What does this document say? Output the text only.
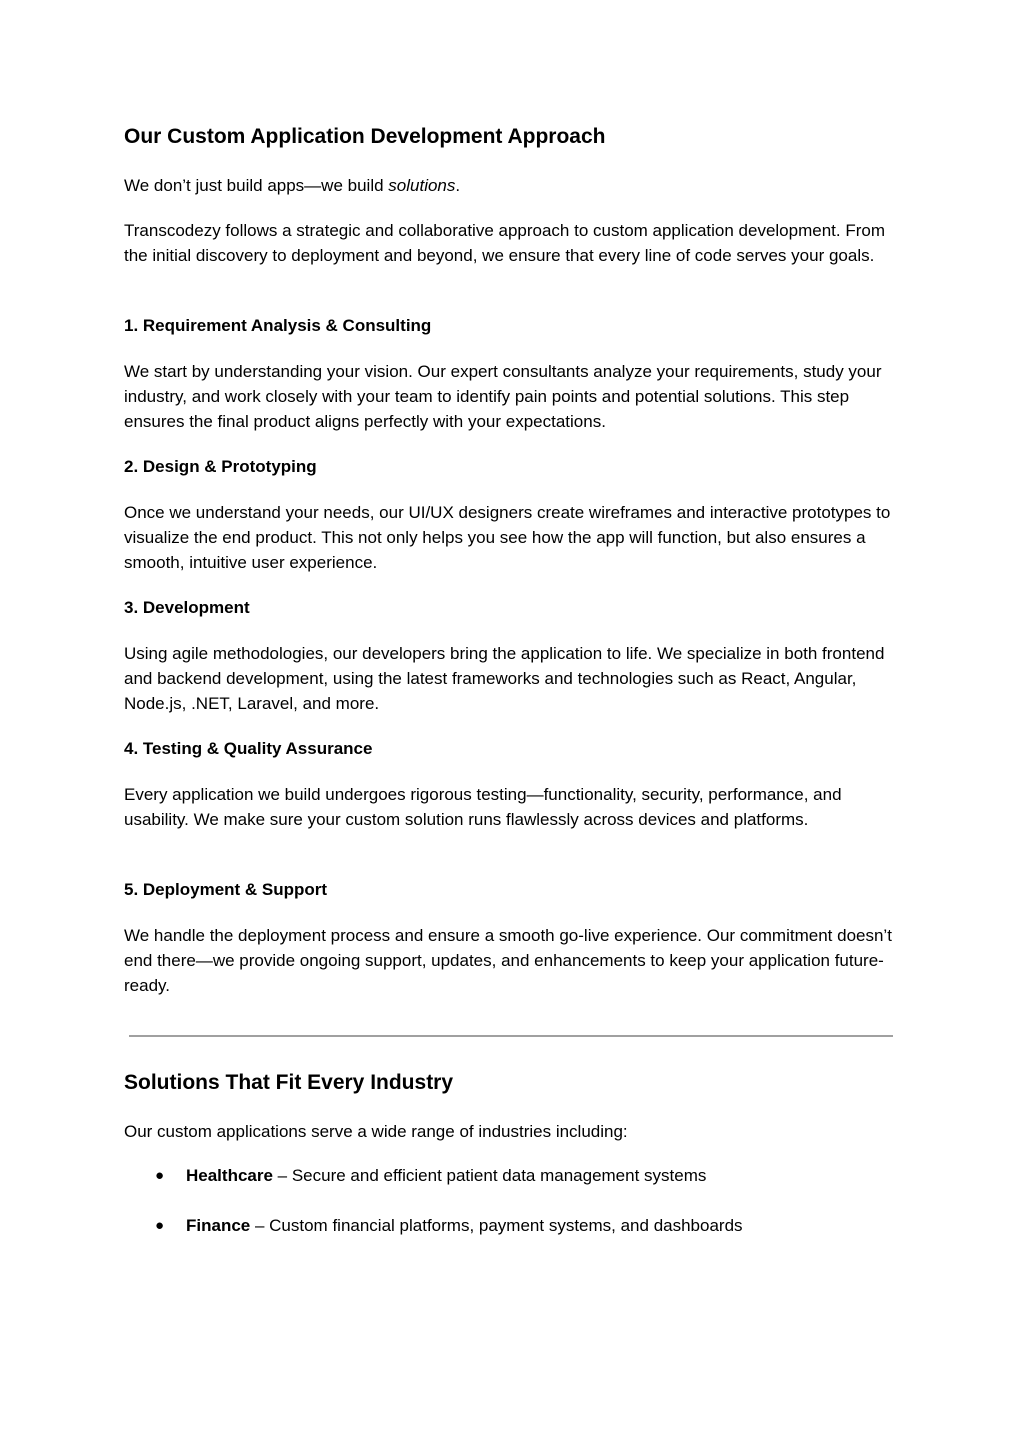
Our Custom Application Development Approach

We don’t just build apps—we build solutions.

Transcodezy follows a strategic and collaborative approach to custom application development. From the initial discovery to deployment and beyond, we ensure that every line of code serves your goals.

1. Requirement Analysis & Consulting

We start by understanding your vision. Our expert consultants analyze your requirements, study your industry, and work closely with your team to identify pain points and potential solutions. This step ensures the final product aligns perfectly with your expectations.

2. Design & Prototyping

Once we understand your needs, our UI/UX designers create wireframes and interactive prototypes to visualize the end product. This not only helps you see how the app will function, but also ensures a smooth, intuitive user experience.

3. Development

Using agile methodologies, our developers bring the application to life. We specialize in both frontend and backend development, using the latest frameworks and technologies such as React, Angular, Node.js, .NET, Laravel, and more.

4. Testing & Quality Assurance

Every application we build undergoes rigorous testing—functionality, security, performance, and usability. We make sure your custom solution runs flawlessly across devices and platforms.

5. Deployment & Support

We handle the deployment process and ensure a smooth go-live experience. Our commitment doesn’t end there—we provide ongoing support, updates, and enhancements to keep your application future-ready.

Solutions That Fit Every Industry

Our custom applications serve a wide range of industries including:

● Healthcare – Secure and efficient patient data management systems
● Finance – Custom financial platforms, payment systems, and dashboards
